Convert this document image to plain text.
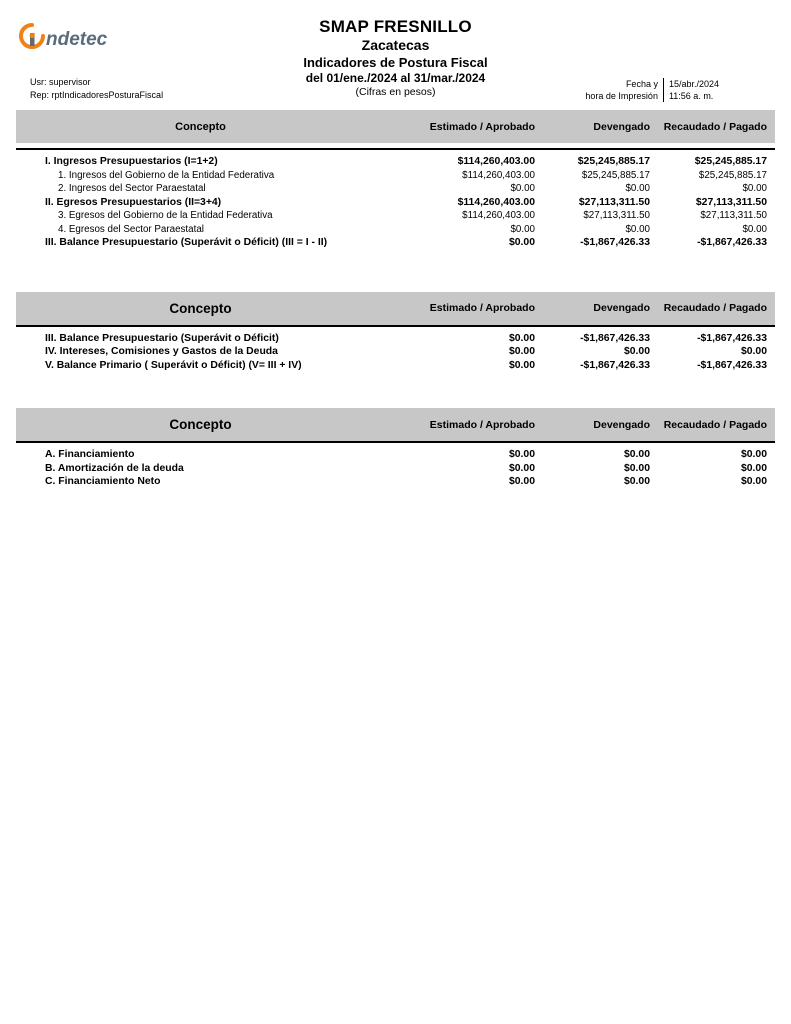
ndetec
SMAP FRESNILLO
Zacatecas
Indicadores de Postura Fiscal
del 01/ene./2024 al 31/mar./2024
(Cifras en pesos)
Usr: supervisor
Rep: rptIndicadoresPosturaFiscal
Fecha y
hora de Impresión
15/abr./2024
11:56 a. m.
Concepto	Estimado / Aprobado	Devengado	Recaudado / Pagado
I. Ingresos Presupuestarios (I=1+2)	$114,260,403.00	$25,245,885.17	$25,245,885.17
1. Ingresos del Gobierno de la Entidad Federativa	$114,260,403.00	$25,245,885.17	$25,245,885.17
2. Ingresos del Sector Paraestatal	$0.00	$0.00	$0.00
II. Egresos Presupuestarios (II=3+4)	$114,260,403.00	$27,113,311.50	$27,113,311.50
3. Egresos del Gobierno de la Entidad Federativa	$114,260,403.00	$27,113,311.50	$27,113,311.50
4. Egresos del Sector Paraestatal	$0.00	$0.00	$0.00
III. Balance Presupuestario (Superávit o Déficit) (III = I - II)	$0.00	-$1,867,426.33	-$1,867,426.33
Concepto	Estimado / Aprobado	Devengado	Recaudado / Pagado
III. Balance Presupuestario (Superávit o Déficit)	$0.00	-$1,867,426.33	-$1,867,426.33
IV. Intereses, Comisiones y Gastos de la Deuda	$0.00	$0.00	$0.00
V. Balance Primario ( Superávit o Déficit) (V= III + IV)	$0.00	-$1,867,426.33	-$1,867,426.33
Concepto	Estimado / Aprobado	Devengado	Recaudado / Pagado
A. Financiamiento	$0.00	$0.00	$0.00
B. Amortización de la deuda	$0.00	$0.00	$0.00
C. Financiamiento Neto	$0.00	$0.00	$0.00
